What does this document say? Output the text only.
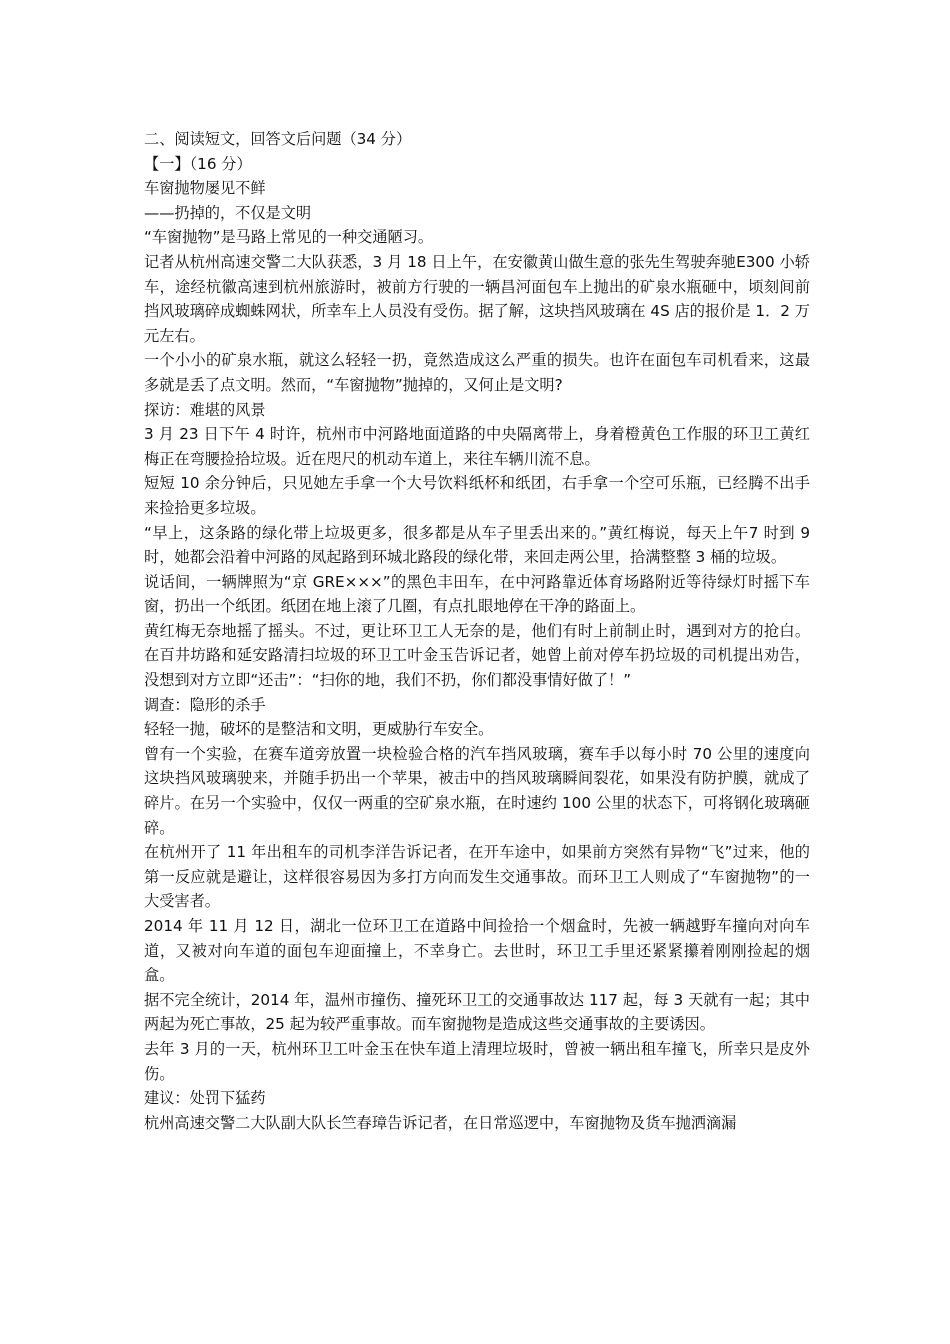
二、阅读短文，回答文后问题（34 分）

【一】（16 分）

车窗抛物屡见不鲜

——扔掉的，不仅是文明

“车窗抛物”是马路上常见的一种交通陋习。

记者从杭州高速交警二大队获悉，3 月 18 日上午，在安徽黄山做生意的张先生驾驶奔驰E300 小轿车，途经杭徽高速到杭州旅游时，被前方行驶的一辆昌河面包车上抛出的矿泉水瓶砸中，顷刻间前挡风玻璃碎成蜘蛛网状，所幸车上人员没有受伤。据了解，这块挡风玻璃在 4S 店的报价是 1．2 万元左右。

一个小小的矿泉水瓶，就这么轻轻一扔，竟然造成这么严重的损失。也许在面包车司机看来，这最多就是丢了点文明。然而，“车窗抛物”抛掉的，又何止是文明?

探访：难堪的风景

3 月 23 日下午 4 时许，杭州市中河路地面道路的中央隔离带上，身着橙黄色工作服的环卫工黄红梅正在弯腰捡拾垃圾。近在咫尺的机动车道上，来往车辆川流不息。

短短 10 余分钟后，只见她左手拿一个大号饮料纸杯和纸团，右手拿一个空可乐瓶，已经腾不出手来捡拾更多垃圾。

“早上，这条路的绿化带上垃圾更多，很多都是从车子里丢出来的。”黄红梅说，每天上午7 时到 9 时，她都会沿着中河路的凤起路到环城北路段的绿化带，来回走两公里，拾满整整 3 桶的垃圾。

说话间，一辆牌照为“京 GRE×××”的黑色丰田车，在中河路靠近体育场路附近等待绿灯时摇下车窗，扔出一个纸团。纸团在地上滚了几圈，有点扎眼地停在干净的路面上。

黄红梅无奈地摇了摇头。不过，更让环卫工人无奈的是，他们有时上前制止时，遇到对方的抢白。在百井坊路和延安路清扫垃圾的环卫工叶金玉告诉记者，她曾上前对停车扔垃圾的司机提出劝告，没想到对方立即“还击”：“扫你的地，我们不扔，你们都没事情好做了！”

调查：隐形的杀手

轻轻一抛，破坏的是整洁和文明，更威胁行车安全。

曾有一个实验，在赛车道旁放置一块检验合格的汽车挡风玻璃，赛车手以每小时 70 公里的速度向这块挡风玻璃驶来，并随手扔出一个苹果，被击中的挡风玻璃瞬间裂花，如果没有防护膜，就成了碎片。在另一个实验中，仅仅一两重的空矿泉水瓶，在时速约 100 公里的状态下，可将钢化玻璃砸碎。

在杭州开了 11 年出租车的司机李洋告诉记者，在开车途中，如果前方突然有异物“飞”过来，他的第一反应就是避让，这样很容易因为多打方向而发生交通事故。而环卫工人则成了“车窗抛物”的一大受害者。

2014 年 11 月 12 日，湖北一位环卫工在道路中间捡拾一个烟盒时，先被一辆越野车撞向对向车道，又被对向车道的面包车迎面撞上，不幸身亡。去世时，环卫工手里还紧紧攥着刚刚捡起的烟盒。

据不完全统计，2014 年，温州市撞伤、撞死环卫工的交通事故达 117 起，每 3 天就有一起；其中两起为死亡事故，25 起为较严重事故。而车窗抛物是造成这些交通事故的主要诱因。

去年 3 月的一天，杭州环卫工叶金玉在快车道上清理垃圾时，曾被一辆出租车撞飞，所幸只是皮外伤。

建议：处罚下猛药

杭州高速交警二大队副大队长竺春璋告诉记者，在日常巡逻中，车窗抛物及货车抛洒滴漏
